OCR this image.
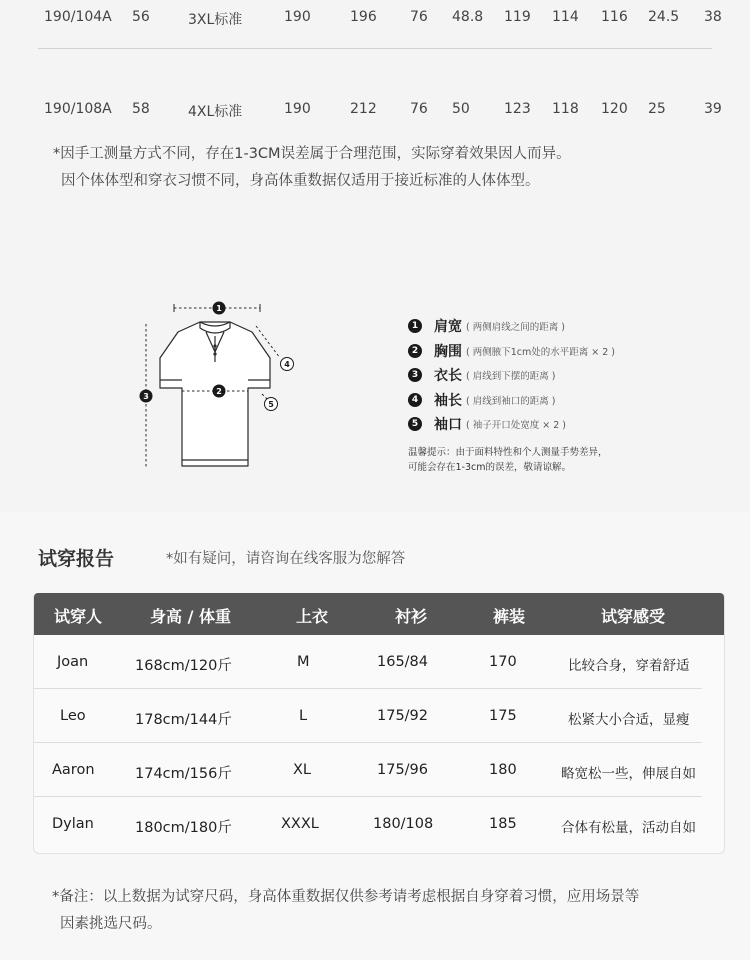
190/104A 56	3XL标准	190	196 76 48.8 119 114 116 24.5 38
190/108A 58	4XL标准	190	212 76 50 123 118 120 25	39
*因手工测量方式不同，存在1-3CM误差属于合理范围，实际穿着效果因人而异。
因个体体型和穿衣习惯不同，身高体重数据仅适用于接近标准的人体体型。
1
2
3
4
5
1 肩宽 ( 两侧肩线之间的距离 )
2 胸围 ( 两侧腋下1cm处的水平距离 × 2 )
3 衣长 ( 肩线到下摆的距离 )
4 袖长 ( 肩线到袖口的距离 )
5 袖口 ( 袖子开口处宽度 × 2 )
温馨提示：由于面料特性和个人测量手势差异，
可能会存在1-3cm的误差，敬请谅解。
试穿报告	*如有疑问，请咨询在线客服为您解答
试穿人	身高 / 体重	上衣	衬衫	裤装	试穿感受
Joan	168cm/120斤	M	165/84	170	比较合身，穿着舒适
Leo	178cm/144斤	L	175/92	175	松紧大小合适，显瘦
Aaron	174cm/156斤	XL	175/96	180	略宽松一些，伸展自如
Dylan	180cm/180斤	XXXL	180/108	185	合体有松量，活动自如
*备注：以上数据为试穿尺码，身高体重数据仅供参考请考虑根据自身穿着习惯，应用场景等
因素挑选尺码。
